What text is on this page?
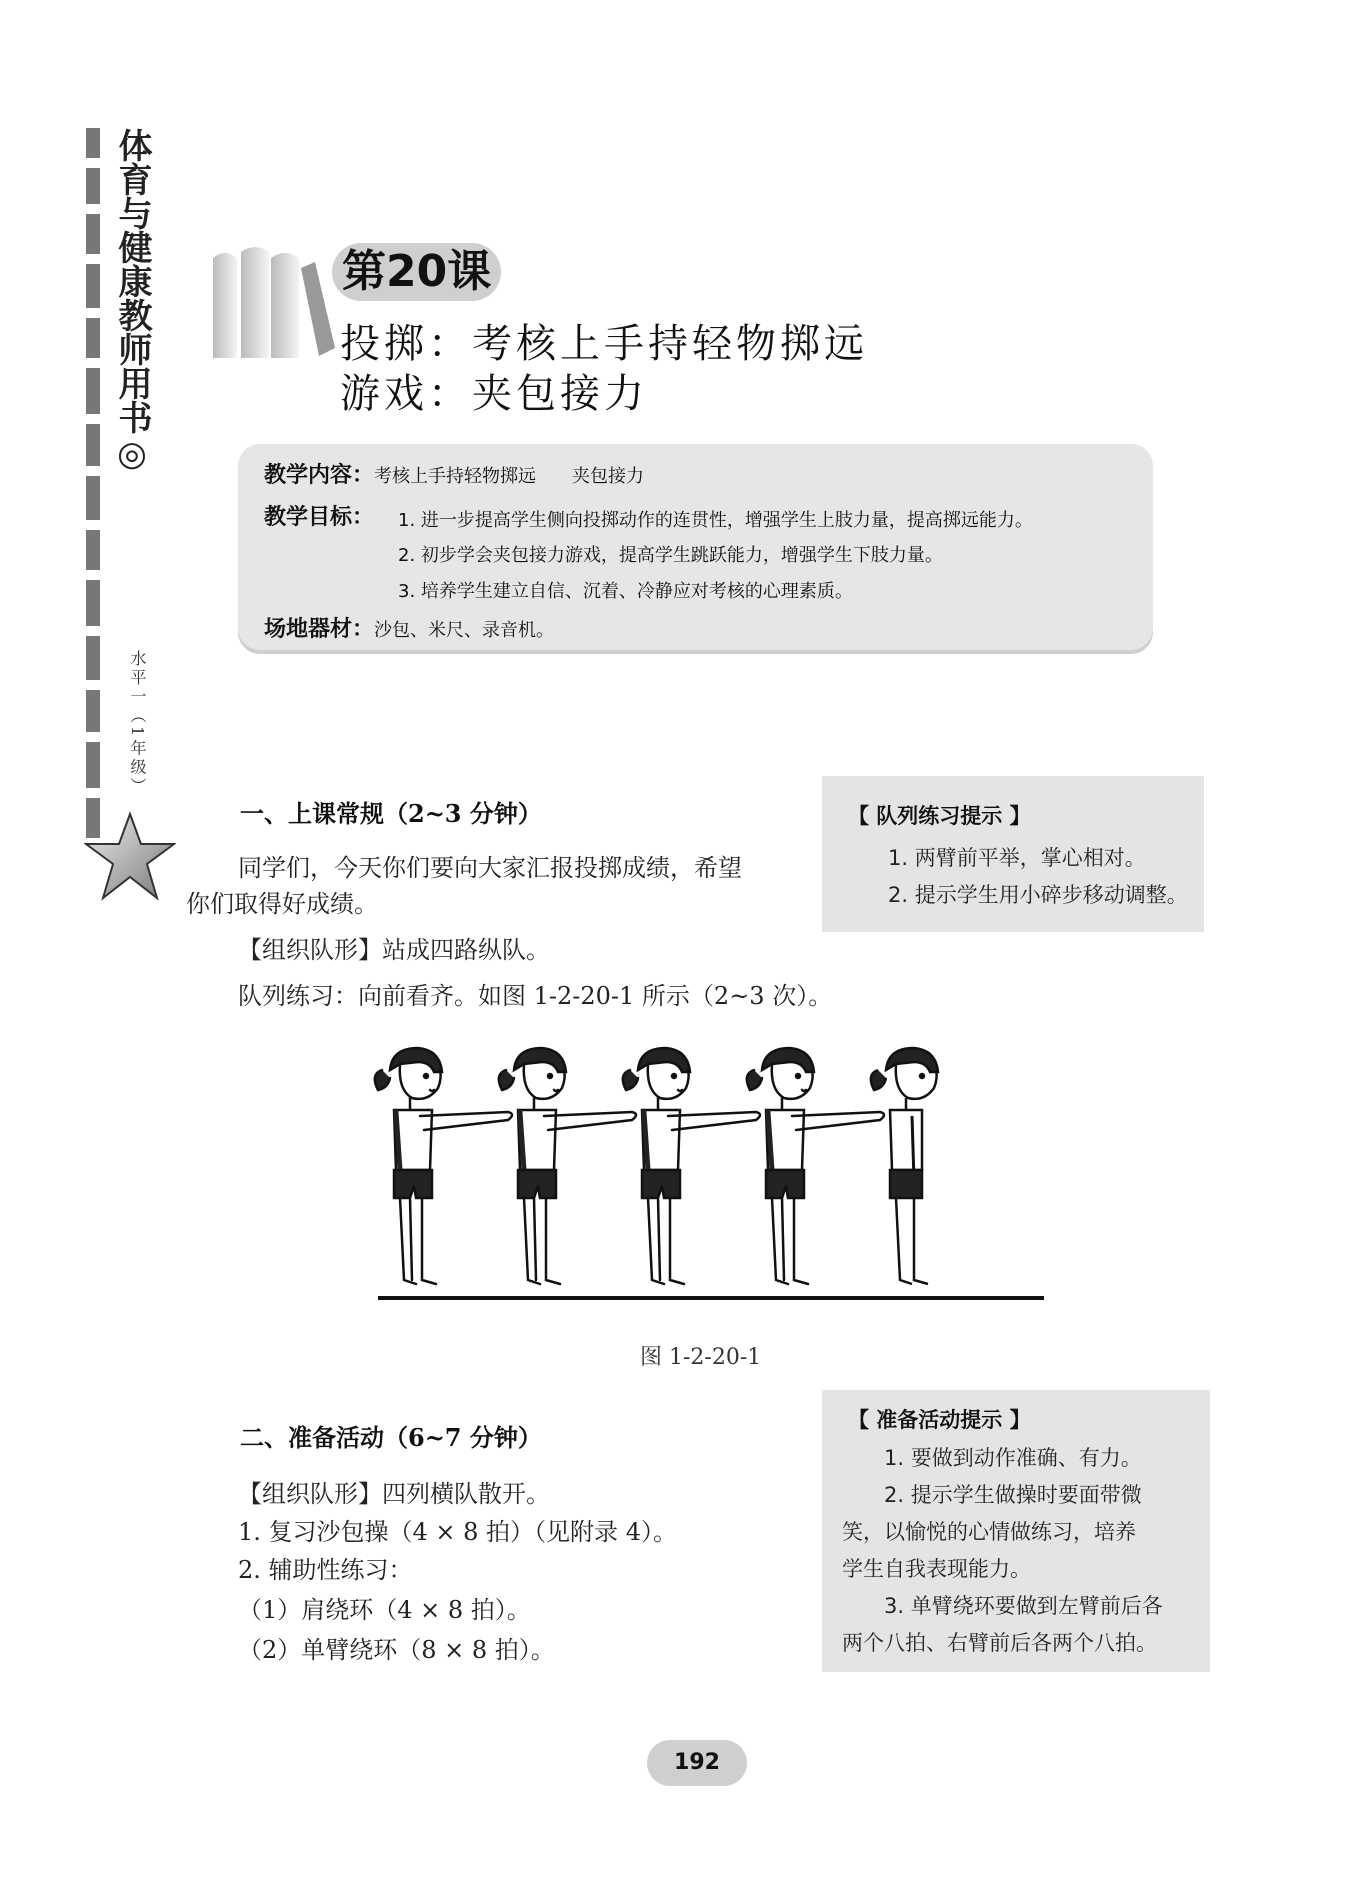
体育与健康教师用书◎
水平一（1年级）
第20课
投掷：考核上手持轻物掷远
游戏：夹包接力
教学内容：考核上手持轻物掷远　　夹包接力
教学目标： 1. 进一步提高学生侧向投掷动作的连贯性，增强学生上肢力量，提高掷远能力。
2. 初步学会夹包接力游戏，提高学生跳跃能力，增强学生下肢力量。
3. 培养学生建立自信、沉着、冷静应对考核的心理素质。
场地器材：沙包、米尺、录音机。
一、上课常规（2~3 分钟）
同学们，今天你们要向大家汇报投掷成绩，希望
你们取得好成绩。
【组织队形】站成四路纵队。
队列练习：向前看齐。如图 1-2-20-1 所示（2~3 次）。
【 队列练习提示 】
1. 两臂前平举，掌心相对。
2. 提示学生用小碎步移动调整。
图 1-2-20-1
二、准备活动（6~7 分钟）
【组织队形】四列横队散开。
1. 复习沙包操（4 × 8 拍）（见附录 4）。
2. 辅助性练习：
（1）肩绕环（4 × 8 拍）。
（2）单臂绕环（8 × 8 拍）。
【 准备活动提示 】
　　1. 要做到动作准确、有力。
　　2. 提示学生做操时要面带微
笑，以愉悦的心情做练习，培养
学生自我表现能力。
　　3. 单臂绕环要做到左臂前后各
两个八拍、右臂前后各两个八拍。
192
